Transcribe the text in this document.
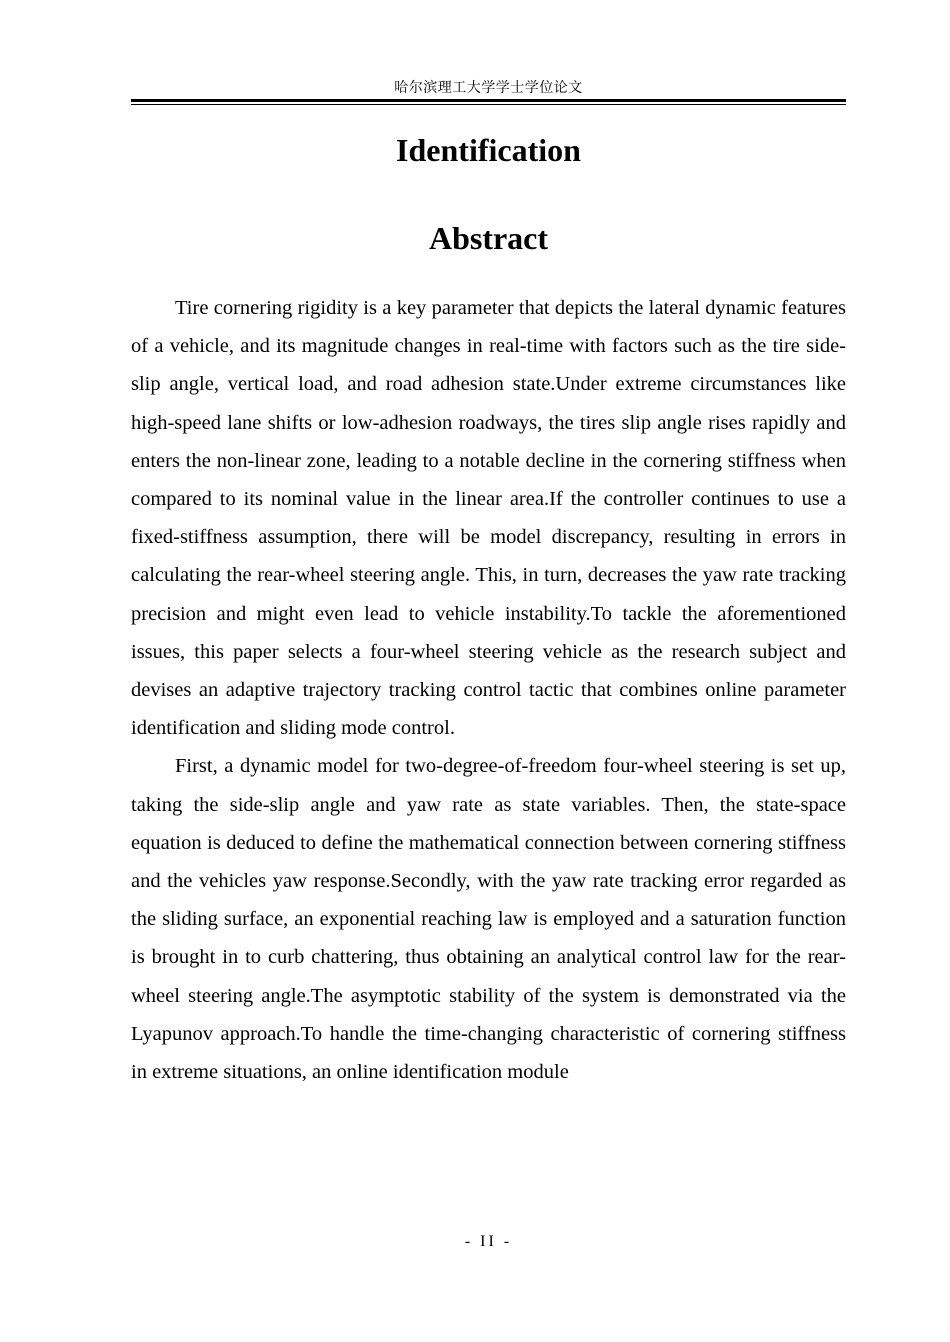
哈尔滨理工大学学士学位论文
Identification
Abstract

Tire cornering rigidity is a key parameter that depicts the lateral dynamic features of a vehicle, and its magnitude changes in real-time with factors such as the tire side-slip angle, vertical load, and road adhesion state.Under extreme circumstances like high-speed lane shifts or low-adhesion roadways, the tires slip angle rises rapidly and enters the non-linear zone, leading to a notable decline in the cornering stiffness when compared to its nominal value in the linear area.If the controller continues to use a fixed-stiffness assumption, there will be model discrepancy, resulting in errors in calculating the rear-wheel steering angle. This, in turn, decreases the yaw rate tracking precision and might even lead to vehicle instability.To tackle the aforementioned issues, this paper selects a four-wheel steering vehicle as the research subject and devises an adaptive trajectory tracking control tactic that combines online parameter identification and sliding mode control.

First, a dynamic model for two-degree-of-freedom four-wheel steering is set up, taking the side-slip angle and yaw rate as state variables. Then, the state-space equation is deduced to define the mathematical connection between cornering stiffness and the vehicles yaw response.Secondly, with the yaw rate tracking error regarded as the sliding surface, an exponential reaching law is employed and a saturation function is brought in to curb chattering, thus obtaining an analytical control law for the rear-wheel steering angle.The asymptotic stability of the system is demonstrated via the Lyapunov approach.To handle the time-changing characteristic of cornering stiffness in extreme situations, an online identification module

- II -
